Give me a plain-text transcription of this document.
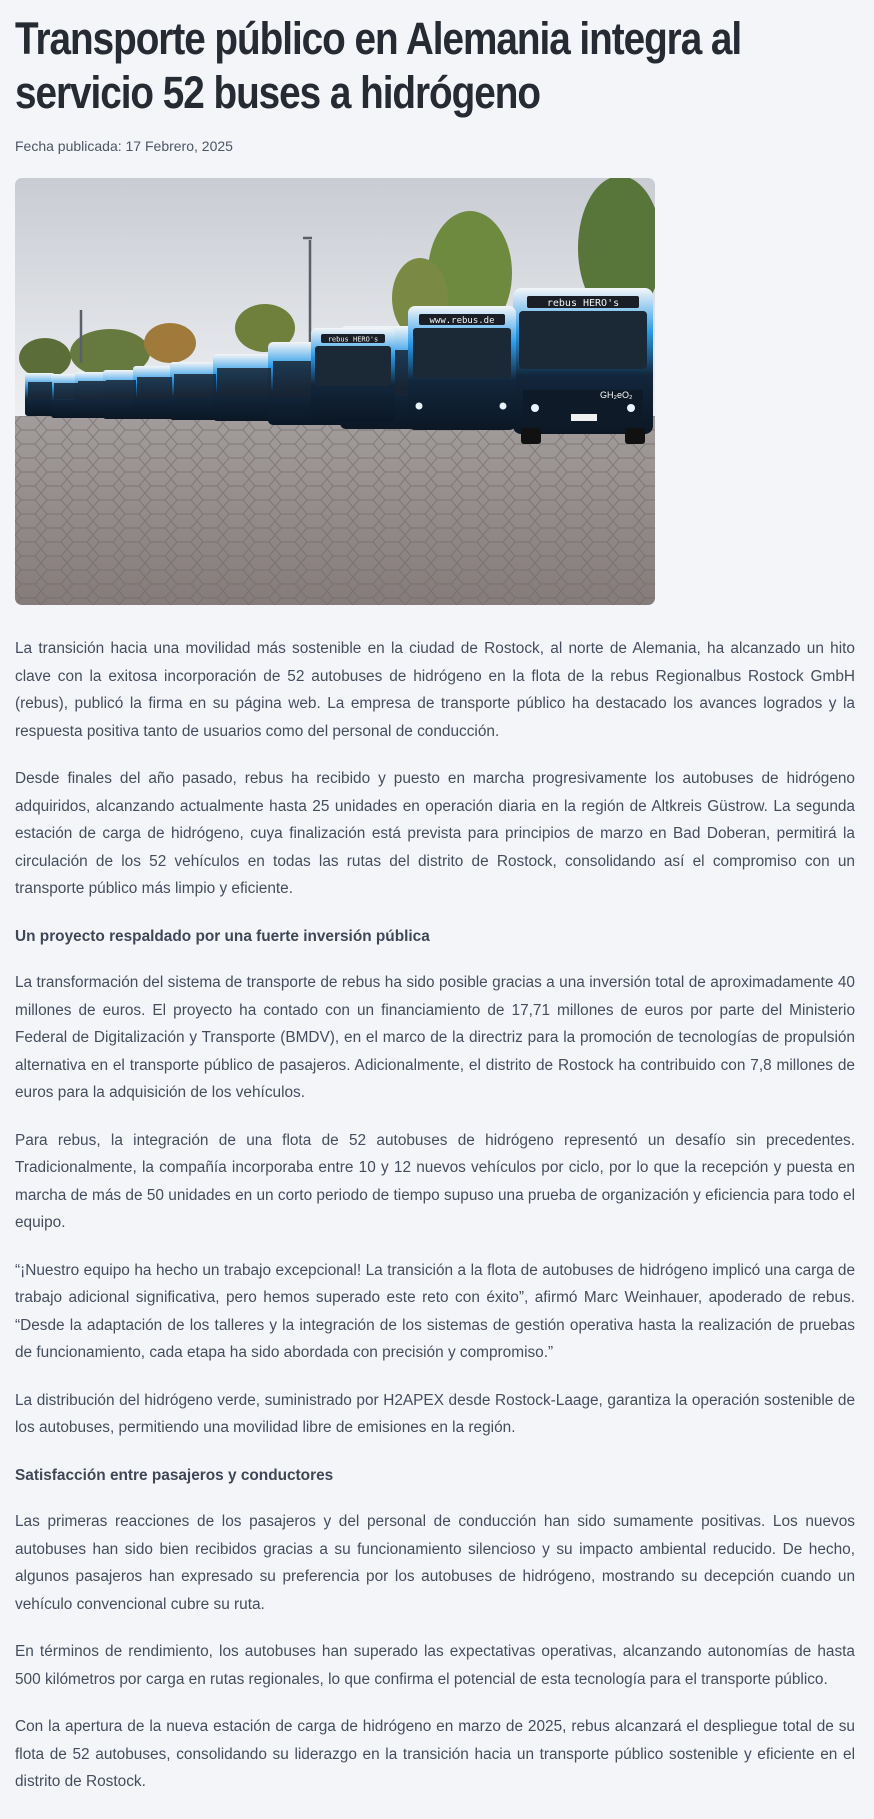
Transporte público en Alemania integra al servicio 52 buses a hidrógeno
Fecha publicada: 17 Febrero, 2025
rebus HERO's
GH₂eO₂
www.rebus.de
rebus HERO's

La transición hacia una movilidad más sostenible en la ciudad de Rostock, al norte de Alemania, ha alcanzado un hito clave con la exitosa incorporación de 52 autobuses de hidrógeno en la flota de la rebus Regionalbus Rostock GmbH (rebus), publicó la firma en su página web. La empresa de transporte público ha destacado los avances logrados y la respuesta positiva tanto de usuarios como del personal de conducción.

Desde finales del año pasado, rebus ha recibido y puesto en marcha progresivamente los autobuses de hidrógeno adquiridos, alcanzando actualmente hasta 25 unidades en operación diaria en la región de Altkreis Güstrow. La segunda estación de carga de hidrógeno, cuya finalización está prevista para principios de marzo en Bad Doberan, permitirá la circulación de los 52 vehículos en todas las rutas del distrito de Rostock, consolidando así el compromiso con un transporte público más limpio y eficiente.

Un proyecto respaldado por una fuerte inversión pública

La transformación del sistema de transporte de rebus ha sido posible gracias a una inversión total de aproximadamente 40 millones de euros. El proyecto ha contado con un financiamiento de 17,71 millones de euros por parte del Ministerio Federal de Digitalización y Transporte (BMDV), en el marco de la directriz para la promoción de tecnologías de propulsión alternativa en el transporte público de pasajeros. Adicionalmente, el distrito de Rostock ha contribuido con 7,8 millones de euros para la adquisición de los vehículos.

Para rebus, la integración de una flota de 52 autobuses de hidrógeno representó un desafío sin precedentes. Tradicionalmente, la compañía incorporaba entre 10 y 12 nuevos vehículos por ciclo, por lo que la recepción y puesta en marcha de más de 50 unidades en un corto periodo de tiempo supuso una prueba de organización y eficiencia para todo el equipo.

“¡Nuestro equipo ha hecho un trabajo excepcional! La transición a la flota de autobuses de hidrógeno implicó una carga de trabajo adicional significativa, pero hemos superado este reto con éxito”, afirmó Marc Weinhauer, apoderado de rebus. “Desde la adaptación de los talleres y la integración de los sistemas de gestión operativa hasta la realización de pruebas de funcionamiento, cada etapa ha sido abordada con precisión y compromiso.”

La distribución del hidrógeno verde, suministrado por H2APEX desde Rostock-Laage, garantiza la operación sostenible de los autobuses, permitiendo una movilidad libre de emisiones en la región.

Satisfacción entre pasajeros y conductores

Las primeras reacciones de los pasajeros y del personal de conducción han sido sumamente positivas. Los nuevos autobuses han sido bien recibidos gracias a su funcionamiento silencioso y su impacto ambiental reducido. De hecho, algunos pasajeros han expresado su preferencia por los autobuses de hidrógeno, mostrando su decepción cuando un vehículo convencional cubre su ruta.

En términos de rendimiento, los autobuses han superado las expectativas operativas, alcanzando autonomías de hasta 500 kilómetros por carga en rutas regionales, lo que confirma el potencial de esta tecnología para el transporte público.

Con la apertura de la nueva estación de carga de hidrógeno en marzo de 2025, rebus alcanzará el despliegue total de su flota de 52 autobuses, consolidando su liderazgo en la transición hacia un transporte público sostenible y eficiente en el distrito de Rostock.
